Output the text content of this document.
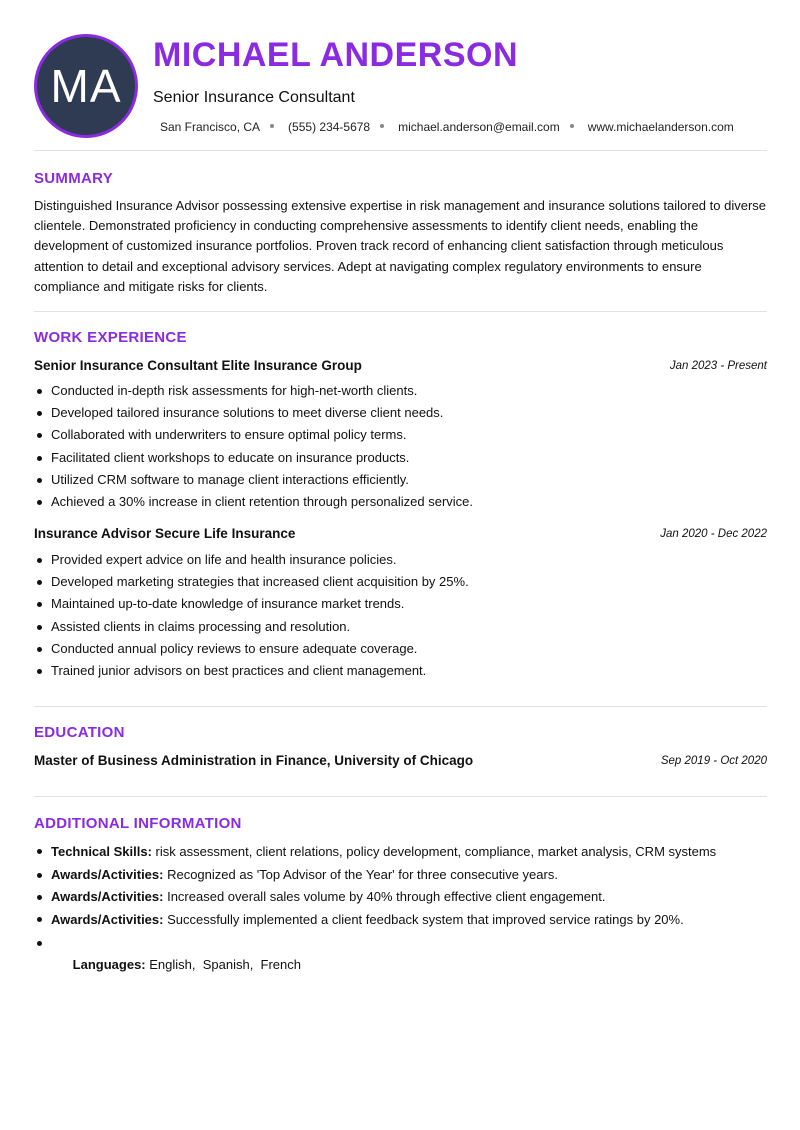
MA
MICHAEL ANDERSON
Senior Insurance Consultant
San Francisco, CA (555) 234-5678 michael.anderson@email.com www.michaelanderson.com
SUMMARY
Distinguished Insurance Advisor possessing extensive expertise in risk management and insurance solutions tailored to diverse clientele. Demonstrated proficiency in conducting comprehensive assessments to identify client needs, enabling the development of customized insurance portfolios. Proven track record of enhancing client satisfaction through meticulous attention to detail and exceptional advisory services. Adept at navigating complex regulatory environments to ensure compliance and mitigate risks for clients.
WORK EXPERIENCE
Senior Insurance Consultant Elite Insurance Group	Jan 2023 - Present
Conducted in-depth risk assessments for high-net-worth clients.
Developed tailored insurance solutions to meet diverse client needs.
Collaborated with underwriters to ensure optimal policy terms.
Facilitated client workshops to educate on insurance products.
Utilized CRM software to manage client interactions efficiently.
Achieved a 30% increase in client retention through personalized service.
Insurance Advisor Secure Life Insurance	Jan 2020 - Dec 2022
Provided expert advice on life and health insurance policies.
Developed marketing strategies that increased client acquisition by 25%.
Maintained up-to-date knowledge of insurance market trends.
Assisted clients in claims processing and resolution.
Conducted annual policy reviews to ensure adequate coverage.
Trained junior advisors on best practices and client management.
EDUCATION
Master of Business Administration in Finance, University of Chicago	Sep 2019 - Oct 2020
ADDITIONAL INFORMATION
Technical Skills: risk assessment, client relations, policy development, compliance, market analysis, CRM systems
Awards/Activities: Recognized as 'Top Advisor of the Year' for three consecutive years.
Awards/Activities: Increased overall sales volume by 40% through effective client engagement.
Awards/Activities: Successfully implemented a client feedback system that improved service ratings by 20%.

Languages: English,  Spanish,  French
